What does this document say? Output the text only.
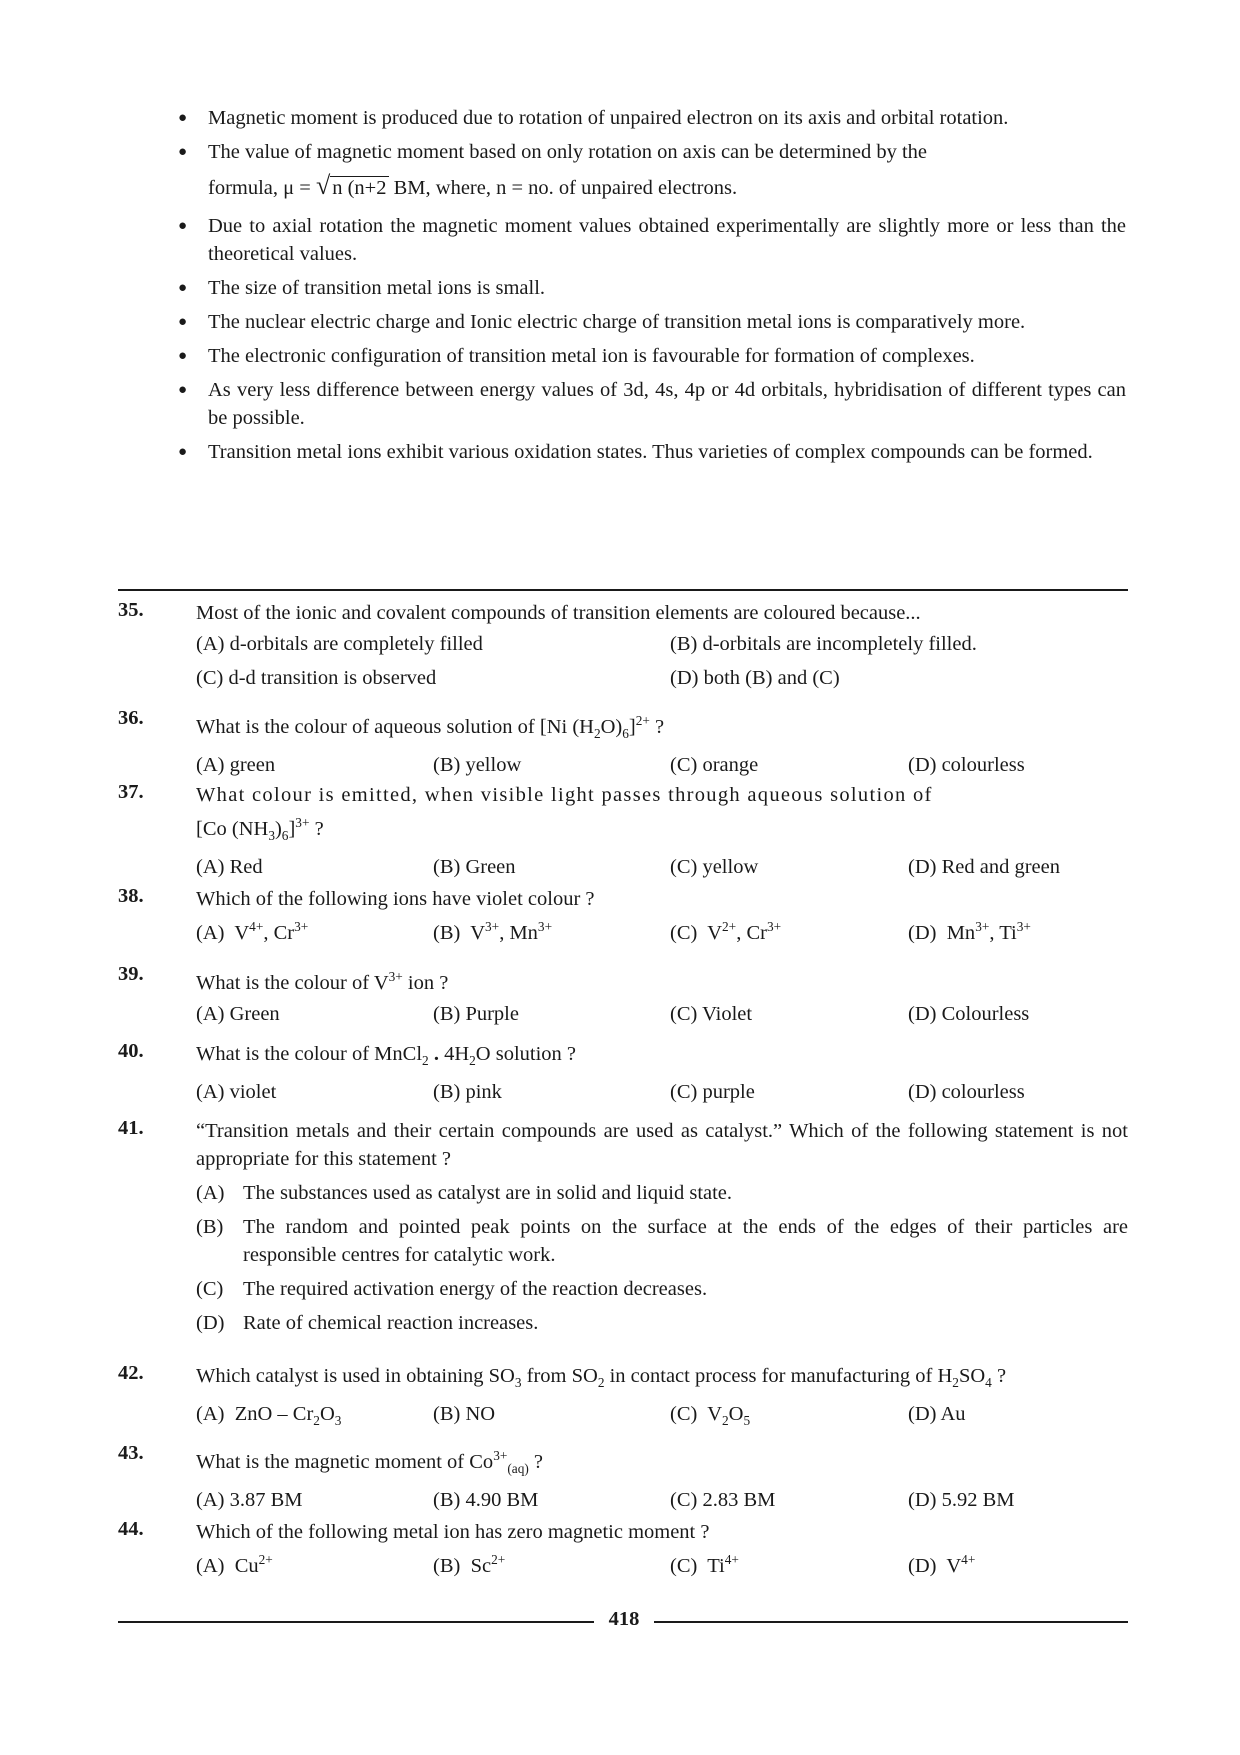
● Magnetic moment is produced due to rotation of unpaired electron on its axis and orbital rotation.
● The value of magnetic moment based on only rotation on axis can be determined by the
formula, μ = √n (n+2 BM, where, n = no. of unpaired electrons.
● Due to axial rotation the magnetic moment values obtained experimentally are slightly more or less than the theoretical values.
● The size of transition metal ions is small.
● The nuclear electric charge and Ionic electric charge of transition metal ions is comparatively more.
● The electronic configuration of transition metal ion is favourable for formation of complexes.
● As very less difference between energy values of 3d, 4s, 4p or 4d orbitals, hybridisation of different types can be possible.
● Transition metal ions exhibit various oxidation states. Thus varieties of complex compounds can be formed.
35.	Most of the ionic and covalent compounds of transition elements are coloured because...
(A) d-orbitals are completely filled	(B) d-orbitals are incompletely filled.
(C) d-d transition is observed	(D) both (B) and (C)
36.	What is the colour of aqueous solution of [Ni $(H_2O)_6]^{2+}$ ?
(A) green	(B) yellow	(C) orange	(D) colourless
37.	What colour is emitted, when visible light passes through aqueous solution of
[Co $(NH_3)_6]^{3+}$ ?
(A) Red	(B) Green	(C) yellow	(D) Red and green
38.	Which of the following ions have violet colour ?
(A)  $V^{4+}$, $Cr^{3+}$	(B)  $V^{3+}$, $Mn^{3+}$	(C)  $V^{2+}$, $Cr^{3+}$	(D)  $Mn^{3+}$, $Ti^{3+}$
39.	What is the colour of $V^{3+}$ ion ?
(A) Green	(B) Purple	(C) Violet	(D) Colourless
40.	What is the colour of MnCl$_2$ . $4H_2O$ solution ?
(A) violet	(B) pink	(C) purple	(D) colourless
41.	“Transition metals and their certain compounds are used as catalyst.” Which of the following statement is not appropriate for this statement ?
(A) The substances used as catalyst are in solid and liquid state.
(B) The random and pointed peak points on the surface at the ends of the edges of their particles are responsible centres for catalytic work.
(C) The required activation energy of the reaction decreases.
(D) Rate of chemical reaction increases.
42.	Which catalyst is used in obtaining $SO_3$ from $SO_2$ in contact process for manufacturing of $H_2SO_4$ ?
(A)  ZnO – $Cr_2O_3$	(B) NO	(C)  $V_2O_5$	(D) Au
43.	What is the magnetic moment of $Co^{3+}_{(aq)}$ ?
(A) 3.87 BM	(B) 4.90 BM	(C) 2.83 BM	(D) 5.92 BM
44.	Which of the following metal ion has zero magnetic moment ?
(A)  $Cu^{2+}$	(B)  $Sc^{2+}$	(C)  $Ti^{4+}$	(D)  $V^{4+}$
418
